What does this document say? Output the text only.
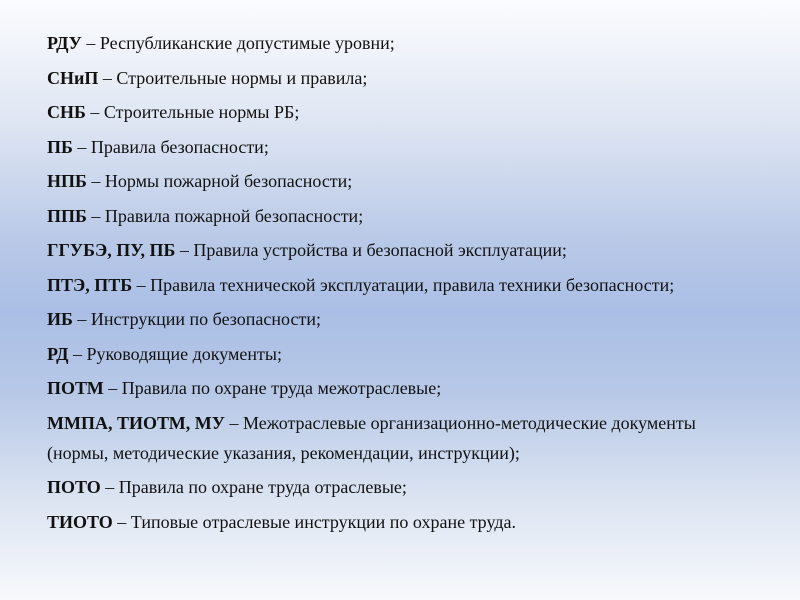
РДУ – Республиканские допустимые уровни;

СНиП – Строительные нормы и правила;

СНБ – Строительные нормы РБ;

ПБ – Правила безопасности;

НПБ – Нормы пожарной безопасности;

ППБ – Правила пожарной безопасности;

ГГУБЭ, ПУ, ПБ – Правила устройства и безопасной эксплуатации;

ПТЭ, ПТБ – Правила технической эксплуатации, правила техники безопасности;

ИБ – Инструкции по безопасности;

РД – Руководящие документы;

ПОТМ – Правила по охране труда межотраслевые;

ММПА, ТИОТМ, МУ – Межотраслевые организационно-методические документы (нормы, методические указания, рекомендации, инструкции);

ПОТО – Правила по охране труда отраслевые;

ТИОТО – Типовые отраслевые инструкции по охране труда.
